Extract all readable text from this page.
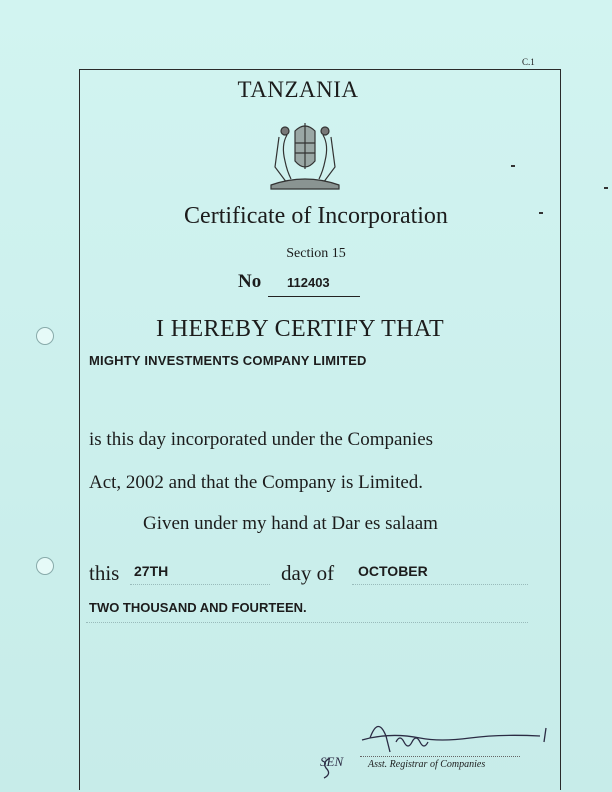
C.1
TANZANIA
Certificate of Incorporation
Section 15
No 112403
I HEREBY CERTIFY THAT
MIGHTY INVESTMENTS COMPANY LIMITED
is this day incorporated under the Companies
Act, 2002 and that the Company is Limited.
Given under my hand at Dar es salaam
this 27TH	day of OCTOBER
TWO THOUSAND AND FOURTEEN.
SEN Asst. Registrar of Companies
